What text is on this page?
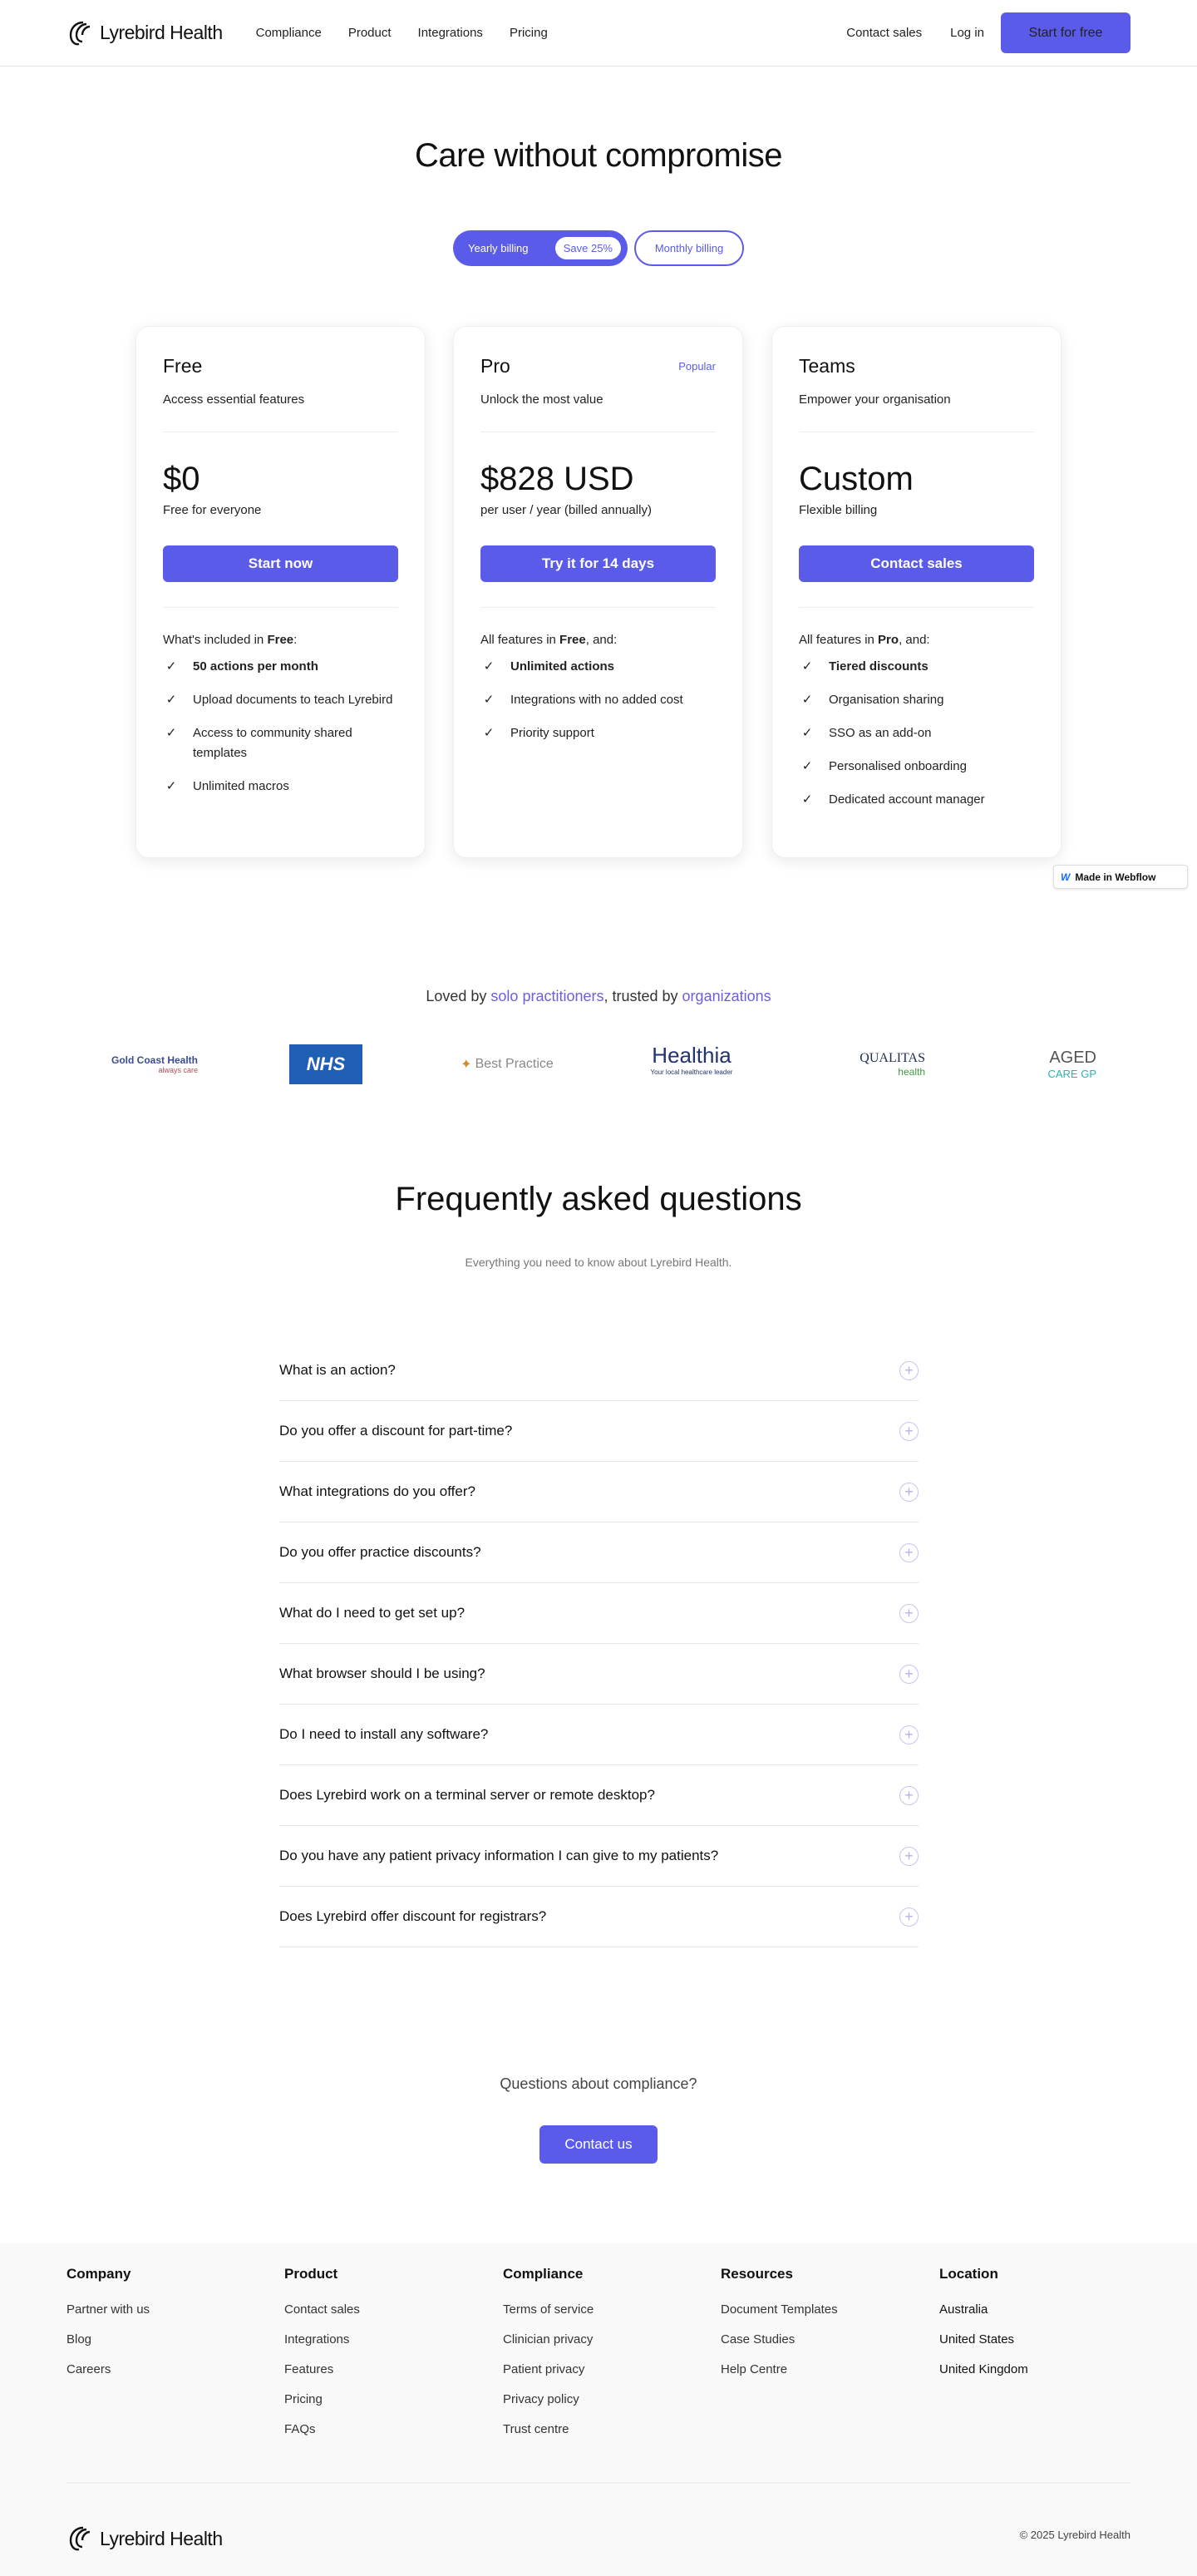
Lyrebird Health	Compliance Product Integrations Pricing	Contact sales Log in	Start for free
Care without compromise
Yearly billing	Save 25%	Monthly billing
Free
Access essential features
$0
Free for everyone
Start now
What's included in Free:
✓ 50 actions per month
✓ Upload documents to teach Lyrebird
✓ Access to community shared templates
✓ Unlimited macros
Pro	Popular
Unlock the most value
$828 USD
per user / year (billed annually)
Try it for 14 days
All features in Free, and:
✓ Unlimited actions
✓ Integrations with no added cost
✓ Priority support
Teams
Empower your organisation
Custom
Flexible billing
Contact sales
All features in Pro, and:
✓ Tiered discounts
✓ Organisation sharing
✓ SSO as an add-on
✓ Personalised onboarding
✓ Dedicated account manager
W Made in Webflow
Loved by solo practitioners, trusted by organizations
Gold Coast Health
always care	NHS	✦ Best Practice	Healthia
Your local healthcare leader
QUALITAS
health
AGED
CARE GP
Frequently asked questions
Everything you need to know about Lyrebird Health.
What is an action?	+
Do you offer a discount for part-time?	+
What integrations do you offer?	+
Do you offer practice discounts?	+
What do I need to get set up?	+
What browser should I be using?	+
Do I need to install any software?	+
Does Lyrebird work on a terminal server or remote desktop?	+
Do you have any patient privacy information I can give to my patients?	+
Does Lyrebird offer discount for registrars?	+
Questions about compliance?
Contact us
Company
Partner with us
Blog
Careers
Product
Contact sales
Integrations
Features
Pricing
FAQs
Compliance
Terms of service
Clinician privacy
Patient privacy
Privacy policy
Trust centre
Resources
Document Templates
Case Studies
Help Centre
Location
Australia
United States
United Kingdom
Lyrebird Health	© 2025 Lyrebird Health
